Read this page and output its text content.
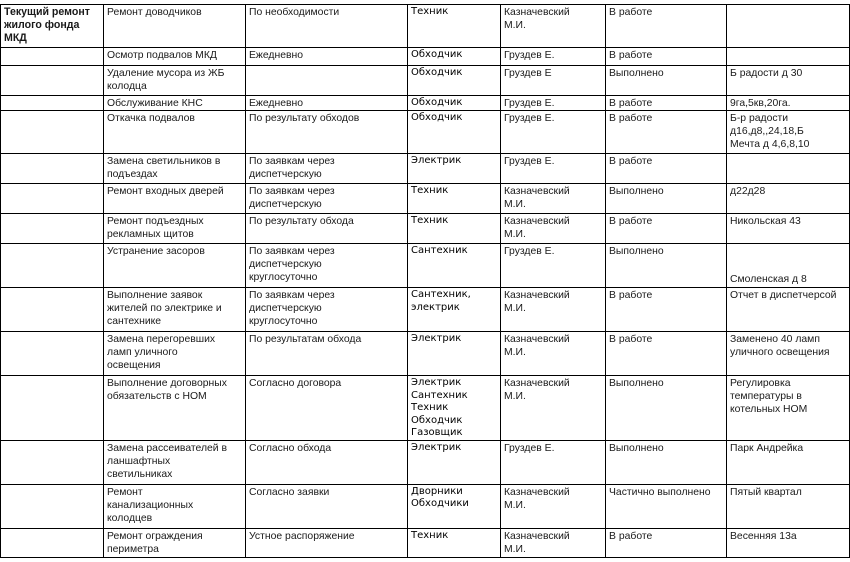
Текущий ремонт
жилого фонда
МКД	Ремонт доводчиков	По необходимости	Техник	Казначевский
М.И.	В работе	

	Осмотр подвалов МКД	Ежедневно	Обходчик	Груздев Е.	В работе	

	Удаление мусора из ЖБ
колодца		Обходчик	Груздев Е	Выполнено	Б радости д 30

	Обслуживание КНС	Ежедневно	Обходчик	Груздев Е.	В работе	9га,5кв,20га.

	Откачка подвалов	По результату обходов	Обходчик	Груздев Е.	В работе	Б-р радости
д16,д8,,24,18,Б
Мечта д 4,6,8,10

	Замена светильников в
подъездах	По заявкам через
диспетчерскую	Электрик	Груздев Е.	В работе	

	Ремонт входных дверей	По заявкам через
диспетчерскую	Техник	Казначевский
М.И.	Выполнено	д22д28

	Ремонт подъездных
рекламных щитов	По результату обхода	Техник	Казначевский
М.И.	В работе	Никольская 43

	Устранение засоров	По заявкам через
диспетчерскую
круглосуточно	Сантехник	Груздев Е.	Выполнено	Смоленская д 8

	Выполнение заявок
жителей по электрике и
сантехнике	По заявкам через
диспетчерскую
круглосуточно	Сантехник,
электрик	Казначевский
М.И.	В работе	Отчет в диспетчерсой

	Замена перегоревших
ламп уличного
освещения	По результатам обхода	Электрик	Казначевский
М.И.	В работе	Заменено 40 ламп
уличного освещения

	Выполнение договорных
обязательств с НОМ	Согласно договора	Электрик
Сантехник
Техник
Обходчик
Газовщик	Казначевский
М.И.	Выполнено	Регулировка
температуры в
котельных НОМ

	Замена рассеивателей в
ланшафтных
светильниках	Согласно обхода	Электрик	Груздев Е.	Выполнено	Парк Андрейка

	Ремонт
канализационных
колодцев	Согласно заявки	Дворники
Обходчики	Казначевский
М.И.	Частично выполнено	Пятый квартал

	Ремонт ограждения
периметра	Устное распоряжение	Техник	Казначевский
М.И.	В работе	Весенняя 13а
